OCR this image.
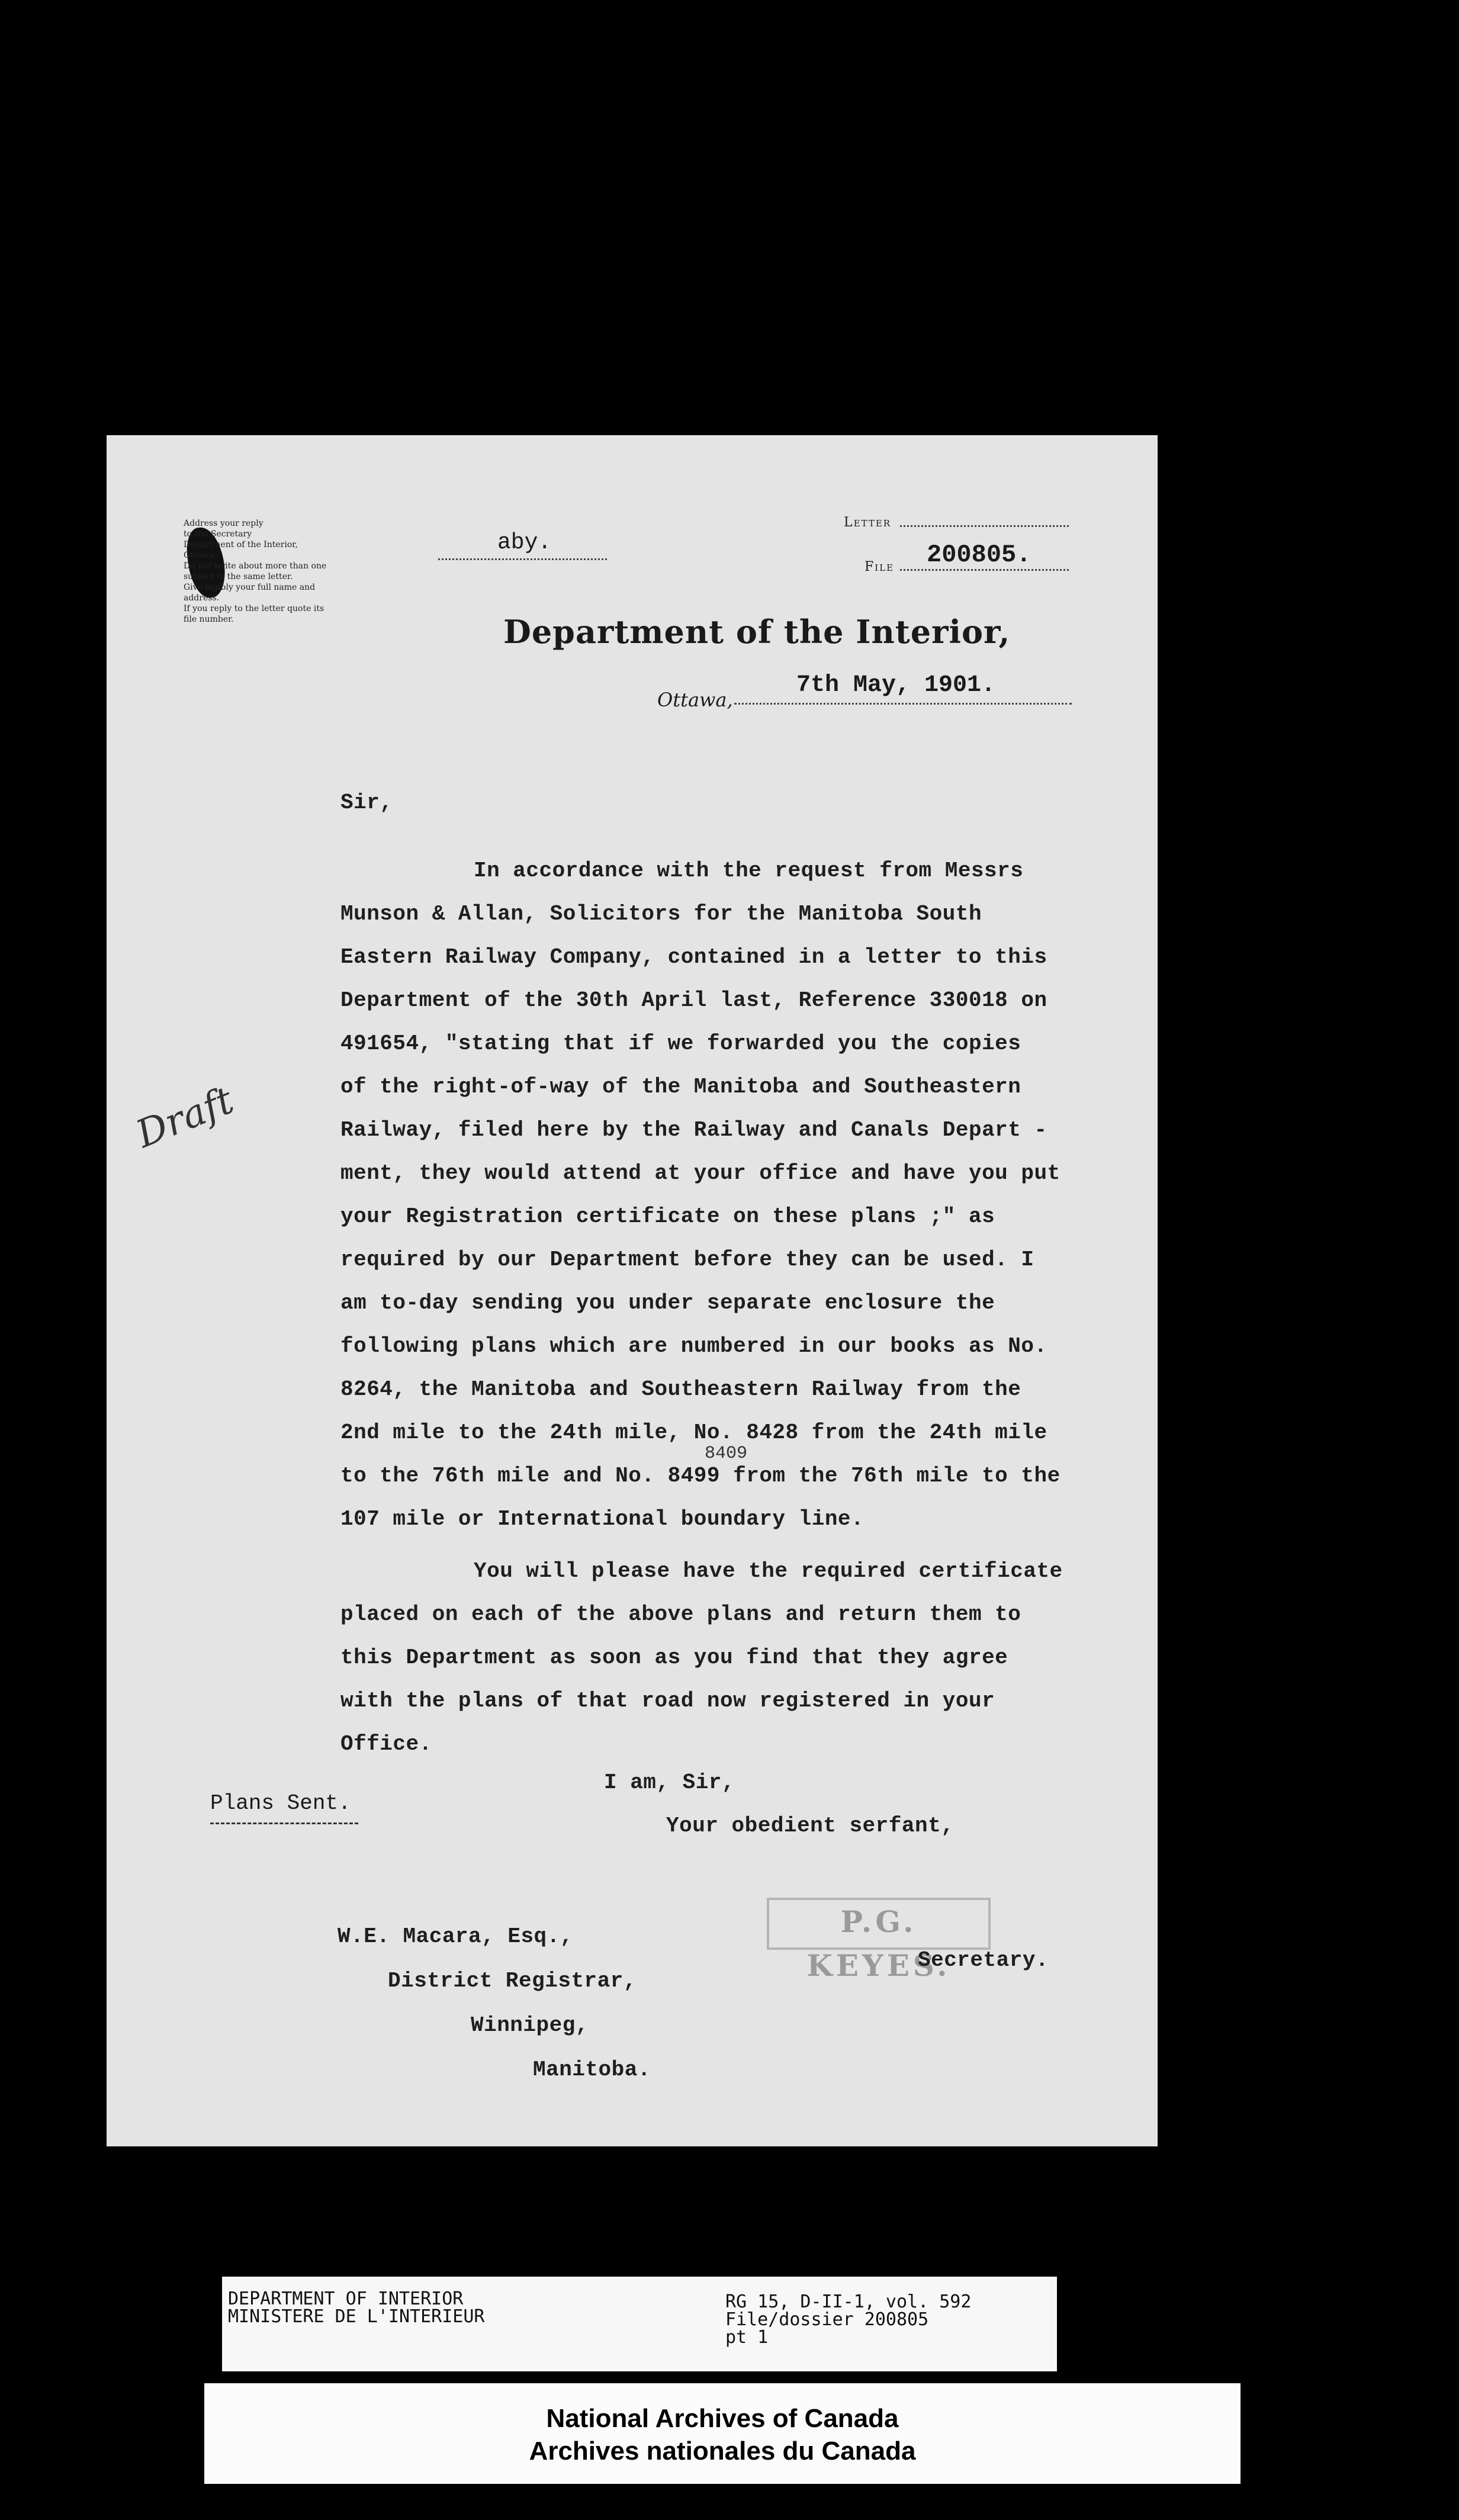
Address your reply
to the Secretary
Department of the Interior,
Ottawa.
Do not write about more than one
subject in the same letter.
Give legibly your full name and
address.
If you reply to the letter quote its
file number.
aby.
Letter
File 200805.
Department of the Interior,
Ottawa,
7th May, 1901.
Sir,
In accordance with the request from Messrs
Munson & Allan, Solicitors for the Manitoba South
Eastern Railway Company, contained in a letter to this
Department of the 30th April last, Reference 330018 on
491654, "stating that if we forwarded you the copies
of the right-of-way of the Manitoba and Southeastern
Railway, filed here by the Railway and Canals Depart -
ment, they would attend at your office and have you put
your Registration certificate on these plans ;" as
required by our Department before they can be used. I
am to-day sending you under separate enclosure the
following plans which are numbered in our books as No.
8264, the Manitoba and Southeastern Railway from the
2nd mile to the 24th mile, No. 8428 from the 24th mile
8409
to the 76th mile and No. 8499 from the 76th mile to the
107 mile or International boundary line.
You will please have the required certificate
placed on each of the above plans and return them to
this Department as soon as you find that they agree
with the plans of that road now registered in your
Office.
Draft
Plans Sent.
I am, Sir,
Your obedient serfant,
P.G. KEYES.
Secretary.
W.E. Macara, Esq.,
District Registrar,
Winnipeg,
Manitoba.
DEPARTMENT OF INTERIOR
MINISTERE DE L'INTERIEUR
RG 15, D-II-1, vol. 592
File/dossier 200805
pt 1
National Archives of Canada
Archives nationales du Canada
